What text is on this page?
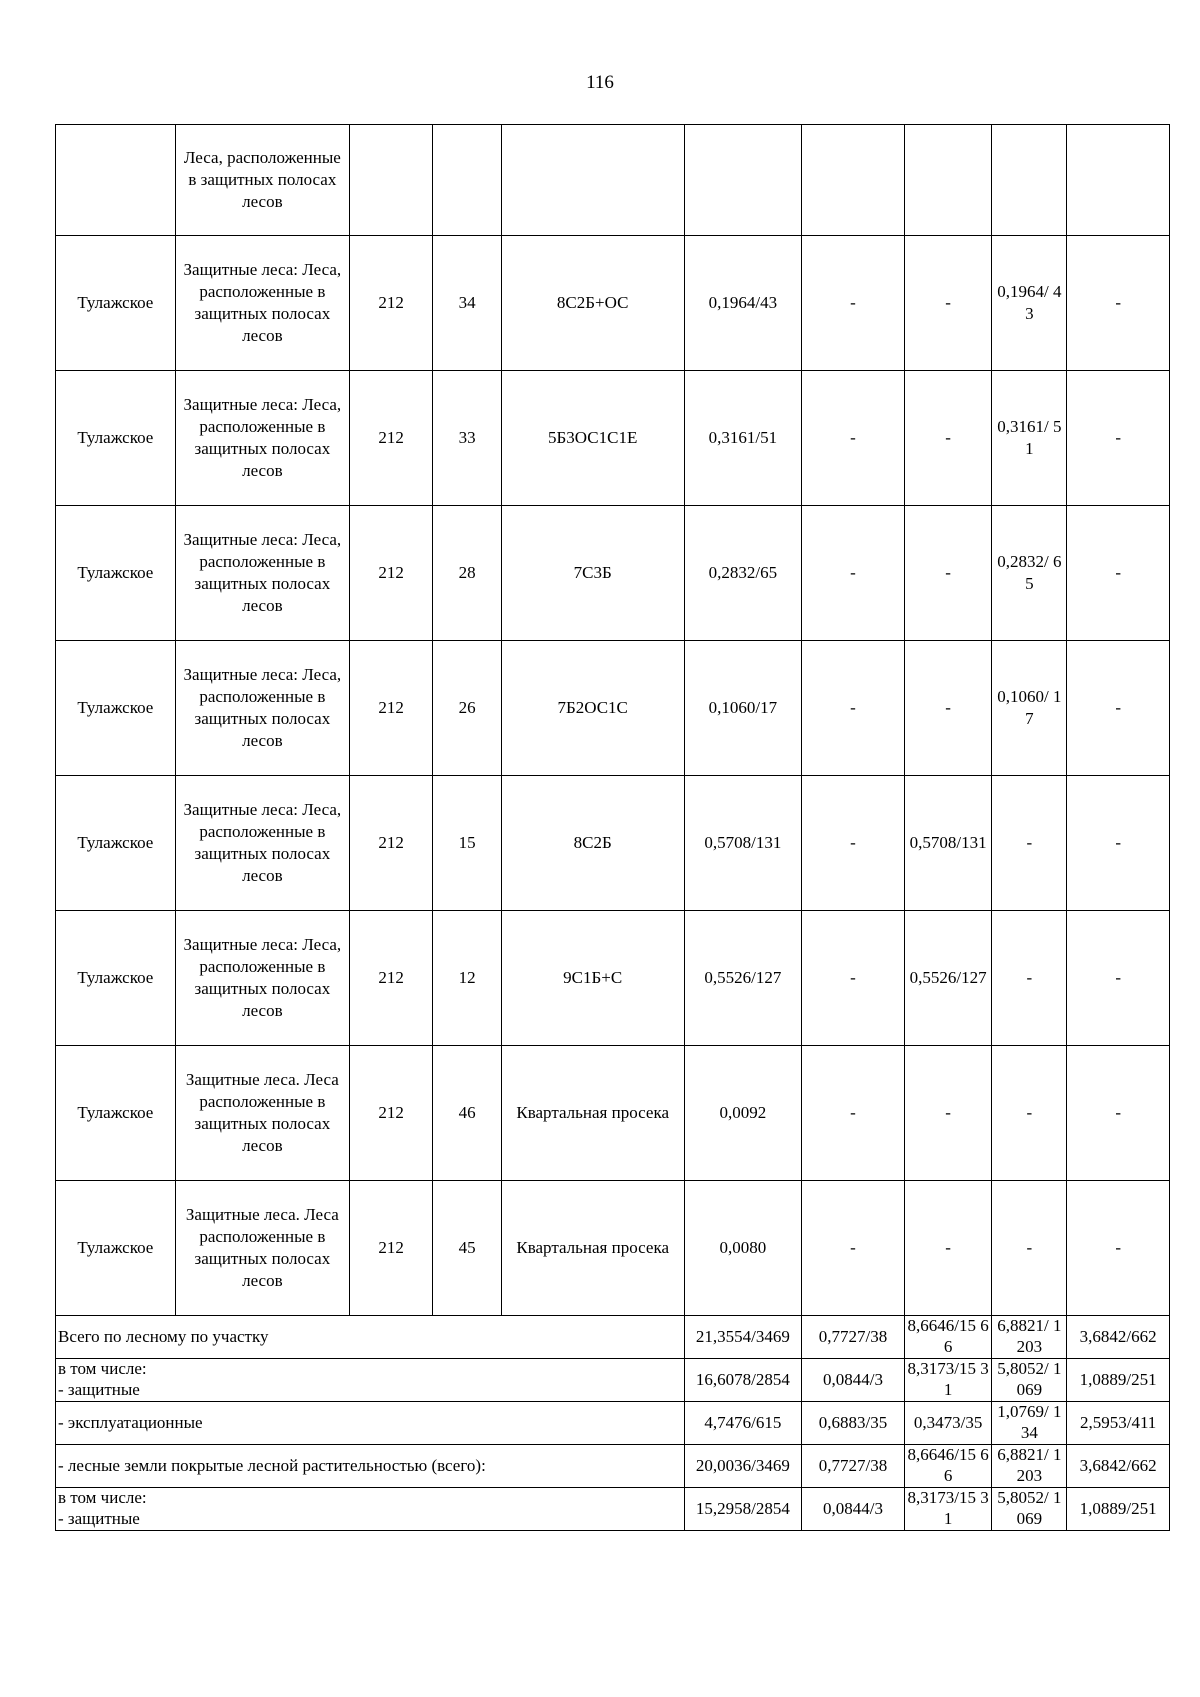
116
	Леса, расположенные в защитных полосах лесов								
Тулажское	Защитные леса: Леса, расположенные в защитных полосах лесов	212	34	8С2Б+ОС	0,1964/43	-	-	0,1964/ 43	-
Тулажское	Защитные леса: Леса, расположенные в защитных полосах лесов	212	33	5Б3ОС1С1Е	0,3161/51	-	-	0,3161/ 51	-
Тулажское	Защитные леса: Леса, расположенные в защитных полосах лесов	212	28	7С3Б	0,2832/65	-	-	0,2832/ 65	-
Тулажское	Защитные леса: Леса, расположенные в защитных полосах лесов	212	26	7Б2ОС1С	0,1060/17	-	-	0,1060/ 17	-
Тулажское	Защитные леса: Леса, расположенные в защитных полосах лесов	212	15	8С2Б	0,5708/131	-	0,5708/131	-	-
Тулажское	Защитные леса: Леса, расположенные в защитных полосах лесов	212	12	9С1Б+С	0,5526/127	-	0,5526/127	-	-
Тулажское	Защитные леса. Леса расположенные в защитных полосах лесов	212	46	Квартальная просека	0,0092	-	-	-	-
Тулажское	Защитные леса. Леса расположенные в защитных полосах лесов	212	45	Квартальная просека	0,0080	-	-	-	-

Всего по лесному по участку					21,3554/3469	0,7727/38	8,6646/15 66	6,8821/ 1203	3,6842/662

в том числе:
- защитные					16,6078/2854	0,0844/3	8,3173/15 31	5,8052/ 1069	1,0889/251

- эксплуатационные					4,7476/615	0,6883/35	0,3473/35	1,0769/ 134	2,5953/411

- лесные земли покрытые лесной растительностью (всего):					20,0036/3469	0,7727/38	8,6646/15 66	6,8821/ 1203	3,6842/662

в том числе:
- защитные					15,2958/2854	0,0844/3	8,3173/15 31	5,8052/ 1069	1,0889/251
